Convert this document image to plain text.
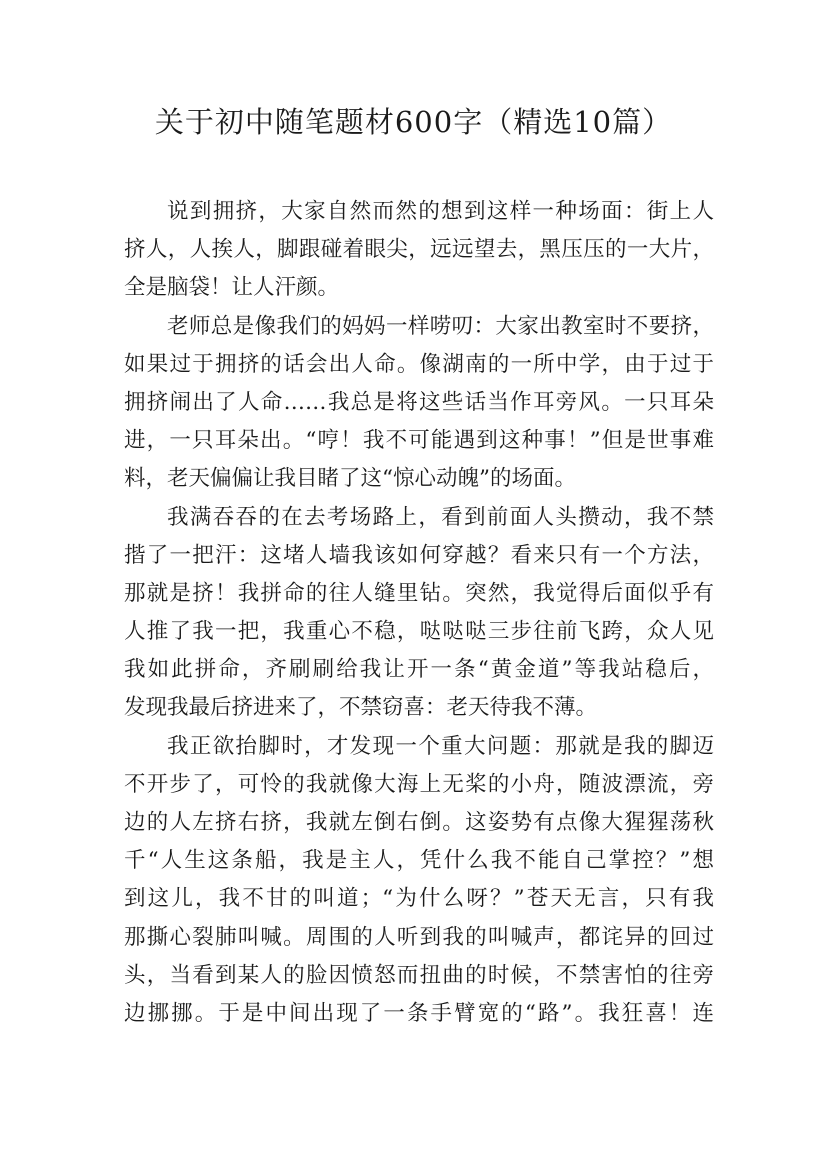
关于初中随笔题材600字（精选10篇）
说到拥挤，大家自然而然的想到这样一种场面：街上人
挤人，人挨人，脚跟碰着眼尖，远远望去，黑压压的一大片，
全是脑袋！让人汗颜。
老师总是像我们的妈妈一样唠叨：大家出教室时不要挤，
如果过于拥挤的话会出人命。像湖南的一所中学，由于过于
拥挤闹出了人命……我总是将这些话当作耳旁风。一只耳朵
进，一只耳朵出。“哼！我不可能遇到这种事！”但是世事难
料，老天偏偏让我目睹了这“惊心动魄”的场面。
我满吞吞的在去考场路上，看到前面人头攒动，我不禁
揩了一把汗：这堵人墙我该如何穿越？看来只有一个方法，
那就是挤！我拼命的往人缝里钻。突然，我觉得后面似乎有
人推了我一把，我重心不稳，哒哒哒三步往前飞跨，众人见
我如此拼命，齐刷刷给我让开一条“黄金道”等我站稳后，
发现我最后挤进来了，不禁窃喜：老天待我不薄。
我正欲抬脚时，才发现一个重大问题：那就是我的脚迈
不开步了，可怜的我就像大海上无桨的小舟，随波漂流，旁
边的人左挤右挤，我就左倒右倒。这姿势有点像大猩猩荡秋
千“人生这条船，我是主人，凭什么我不能自己掌控？”想
到这儿，我不甘的叫道；“为什么呀？”苍天无言，只有我
那撕心裂肺叫喊。周围的人听到我的叫喊声，都诧异的回过
头，当看到某人的脸因愤怒而扭曲的时候，不禁害怕的往旁
边挪挪。于是中间出现了一条手臂宽的“路”。我狂喜！连
